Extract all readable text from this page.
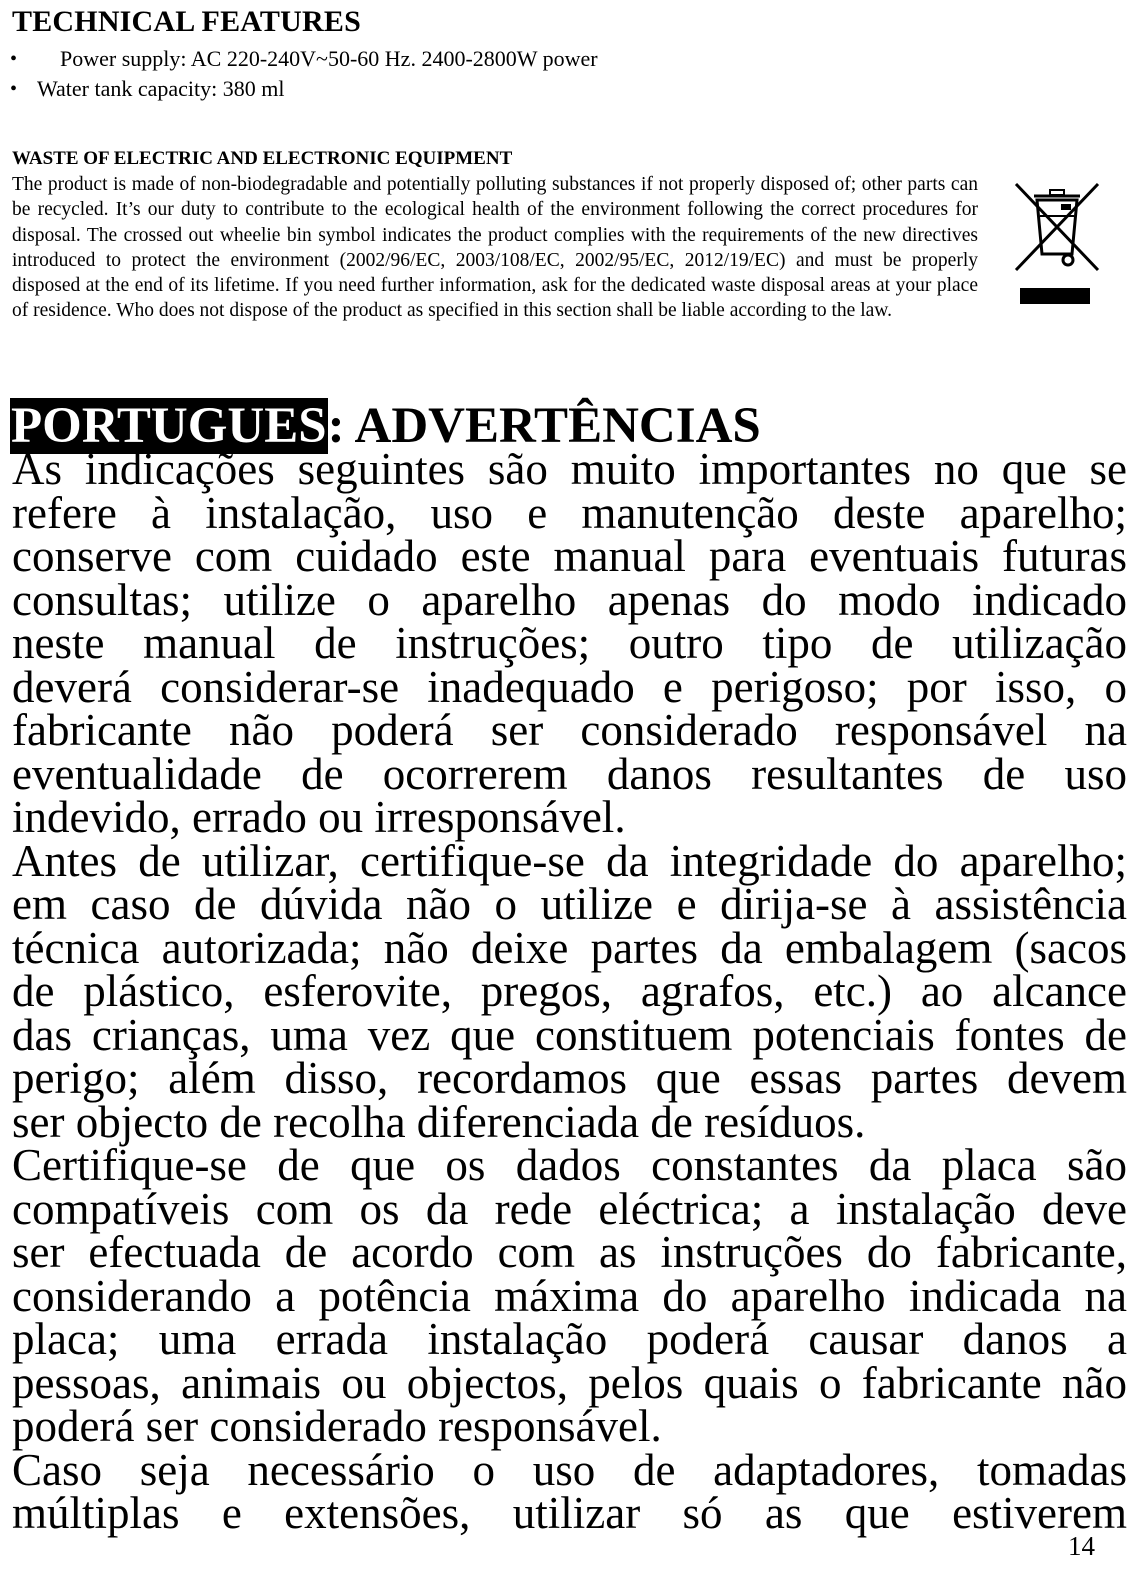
TECHNICAL FEATURES
• Power supply: AC 220-240V~50-60 Hz. 2400-2800W power
• Water tank capacity: 380 ml
WASTE OF ELECTRIC AND ELECTRONIC EQUIPMENT
The product is made of non-biodegradable and potentially polluting substances if not properly disposed of; other parts can be recycled. It’s our duty to contribute to the ecological health of the environment following the correct procedures for disposal. The crossed out wheelie bin symbol indicates the product complies with the requirements of the new directives introduced to protect the environment (2002/96/EC, 2003/108/EC, 2002/95/EC, 2012/19/EC) and must be properly disposed at the end of its lifetime. If you need further information, ask for the dedicated waste disposal areas at your place of residence. Who does not dispose of the product as specified in this section shall be liable according to the law.
PORTUGUES: ADVERTÊNCIAS
As indicações seguintes são muito importantes no que se
refere à instalação, uso e manutenção deste aparelho;
conserve com cuidado este manual para eventuais futuras
consultas; utilize o aparelho apenas do modo indicado
neste manual de instruções; outro tipo de utilização
deverá considerar-se inadequado e perigoso; por isso, o
fabricante não poderá ser considerado responsável na
eventualidade de ocorrerem danos resultantes de uso
indevido, errado ou irresponsável.
Antes de utilizar, certifique-se da integridade do aparelho;
em caso de dúvida não o utilize e dirija-se à assistência
técnica autorizada; não deixe partes da embalagem (sacos
de plástico, esferovite, pregos, agrafos, etc.) ao alcance
das crianças, uma vez que constituem potenciais fontes de
perigo; além disso, recordamos que essas partes devem
ser objecto de recolha diferenciada de resíduos.
Certifique-se de que os dados constantes da placa são
compatíveis com os da rede eléctrica; a instalação deve
ser efectuada de acordo com as instruções do fabricante,
considerando a potência máxima do aparelho indicada na
placa; uma errada instalação poderá causar danos a
pessoas, animais ou objectos, pelos quais o fabricante não
poderá ser considerado responsável.
Caso seja necessário o uso de adaptadores, tomadas
múltiplas e extensões, utilizar só as que estiverem
14
